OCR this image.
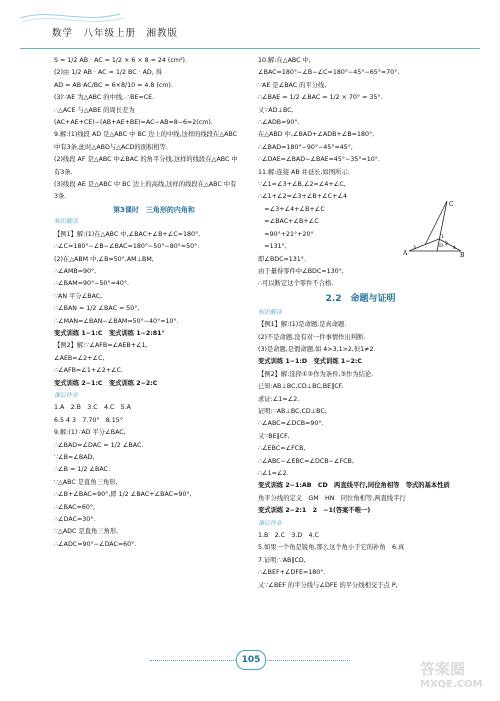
数学　八年级上册　湘教版
S = 1/2 AB · AC = 1/2 × 6 × 8 = 24 (cm²).
(2)由 1/2 AB · AC = 1/2 BC · AD, 得
AD = AB·AC/BC = 6×8/10 = 4.8 (cm).
(3)∵AE 为△ABC 的中线, ∴BE=CE.
∴△ACE 与△ABE 的周长差为
(AC+AE+CE)−(AB+AE+BE)=AC−AB=8−6=2(cm).
9.解:(1)线段 AD 是△ABC 中 BC 边上的中线,这样的线段在△ABC
中有3条,此时△ABD与△ACD的面积相等.
(2)线段 AF 是△ABC 中∠BAC 的角平分线,这样的线段在△ABC 中
有3条.
(3)线段 AE 是△ABC 中 BC 边上的高线,这样的线段在△ABC 中有
3条.
第3课时　三角形的内角和
知识解读
【例1】解:(1)在△ABC 中,∠BAC+∠B+∠C=180°,
∴∠C=180°−∠B−∠BAC=180°−50°−80°=50°.
(2)在△ABM 中,∠B=50°,AM⊥BM,
∴∠AMB=90°,
∴∠BAM=90°−50°=40°.
∵AN 平分∠BAC,
∴∠BAN = 1/2 ∠BAC = 50°,
∴∠MAN=∠BAN−∠BAM=50°−40°=10°.
变式训练 1−1:C　变式训练 1−2:81°
【例2】解:∵∠AFB=∠AEB+∠1,
∠AEB=∠2+∠C,
∴∠AFB=∠1+∠2+∠C.
变式训练 2−1:C　变式训练 2−2:C
课后作业
1.A　2.B　3.C　4.C　5.A
6.5 4 3　7.70°　8.15°
9.解:(1)∵AD 平分∠BAC,
∴∠BAD=∠DAC = 1/2 ∠BAC.
∵∠B=∠BAD,
∴∠B = 1/2 ∠BAC.
∵△ABC 是直角三角形,
∴∠B+∠BAC=90°,即 1/2 ∠BAC+∠BAC=90°,
∴∠BAC=60°,
∴∠DAC=30°.
∵△ADC 是直角三角形,
∴∠ADC=90°−∠DAC=60°.
10.解:在△ABC 中,
∠BAC=180°−∠B−∠C=180°−45°−65°=70°.
∵AE 是∠BAC 的平分线,
∴∠BAE = 1/2 ∠BAC = 1/2 × 70° = 35°.
又∵AD⊥BC,
∴∠ADB=90°.
在△ABD 中,∠BAD+∠ADB+∠B=180°,
∴∠BAD=180°−90°−45°=45°,
∴∠DAE=∠BAD−∠BAE=45°−35°=10°.
11.解:连接 AB 并延长,如图所示.
∵∠1=∠3+∠B,∠2=∠4+∠C,
∴∠1+∠2=∠3+∠B+∠C+∠4
　=∠3+∠4+∠B+∠C
　=∠BAC+∠B+∠C
　=90°+21°+20°
　=131°,
即∠BDC=131°.
由于量得零件中∠BDC=130°,
∴可以断定这个零件不合格.
2.2　命题与证明
知识解读
【例1】解:(1)是命题,是真命题.
(2)不是命题,没有对一件事情作出判断.
(3)是命题,是假命题,如 4>3,1>2,但1≠2.
变式训练 1−1:D　变式训练 1−2:C
【例2】解:选择①②作为条件,③作为结论.
已知:AB⊥BC,CD⊥BC,BE∥CF.
求证:∠1=∠2.
证明:∵AB⊥BC,CD⊥BC,
∴∠ABC=∠DCB=90°.
又∵BE∥CF,
∴∠EBC=∠FCB,
∴∠ABC−∠EBC=∠DCB−∠FCB,
∴∠1=∠2.
变式训练 2−1:AB　CD　两直线平行,同位角相等　等式的基本性质
角平分线的定义　GM　HN　同位角相等,两直线平行
变式训练 2−2:1　2　−1(答案不唯一)
课后作业
1.B　2.C　3.D　4.C
5.如果一个角是锐角,那么这个角小于它的补角　6.真
7.证明:∵AB∥CD,
∴∠BEF+∠DFE=180°.
又∵∠BEF 的平分线与∠DFE 的平分线相交于点 P,
C
A	B
D
1
2
3	4
105	答案圈
MXQE.COM
